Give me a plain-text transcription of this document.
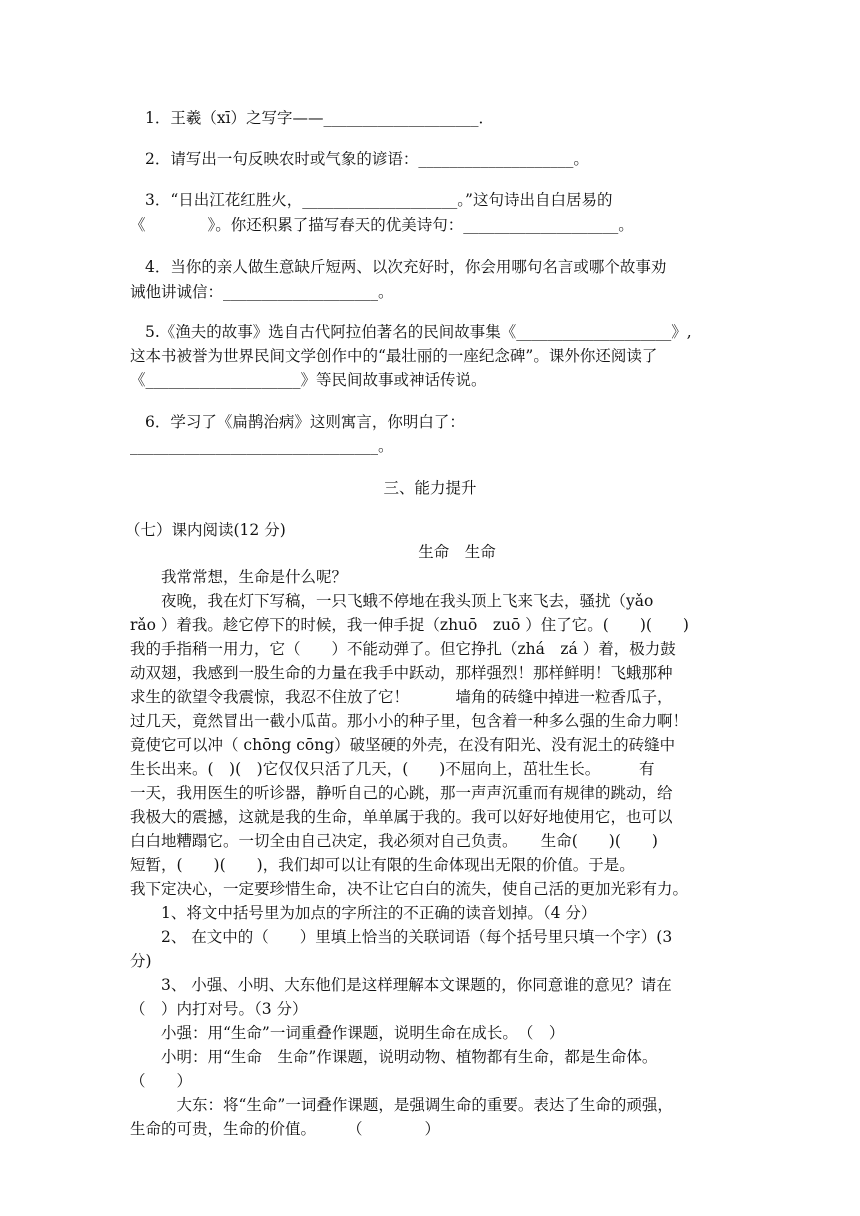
1．王羲（xī）之写字——____________________．
2．请写出一句反映农时或气象的谚语：____________________。
3．“日出江花红胜火，____________________。”这句诗出自白居易的
《　　　　》。你还积累了描写春天的优美诗句：____________________。
4．当你的亲人做生意缺斤短两、以次充好时，你会用哪句名言或哪个故事劝
诫他讲诚信：____________________。
5.《渔夫的故事》选自古代阿拉伯著名的民间故事集《____________________》,
这本书被誉为世界民间文学创作中的“最壮丽的一座纪念碑”。课外你还阅读了
《____________________》等民间故事或神话传说。
6．学习了《扁鹊治病》这则寓言，你明白了：
________________________________。
三、能力提升
（七）课内阅读(12 分)
生命　生命
　　我常常想，生命是什么呢？
　　夜晚，我在灯下写稿，一只飞蛾不停地在我头顶上飞来飞去，骚扰（yǎo
rǎo ）着我。趁它停下的时候，我一伸手捉（zhuō　zuō ）住了它。(　　)(　　)
我的手指稍一用力，它（　　）不能动弹了。但它挣扎（zhá　zá ）着，极力鼓
动双翅，我感到一股生命的力量在我手中跃动，那样强烈！那样鲜明！飞蛾那种
求生的欲望令我震惊，我忍不住放了它！　　　墙角的砖缝中掉进一粒香瓜子，
过几天，竟然冒出一截小瓜苗。那小小的种子里，包含着一种多么强的生命力啊！
竟使它可以冲（ chōng cōng）破坚硬的外壳，在没有阳光、没有泥土的砖缝中
生长出来。(　)(　)它仅仅只活了几天，(　　)不屈向上，茁壮生长。　　　有
一天，我用医生的听诊器，静听自己的心跳，那一声声沉重而有规律的跳动，给
我极大的震撼，这就是我的生命，单单属于我的。我可以好好地使用它，也可以
白白地糟蹋它。一切全由自己决定，我必须对自己负责。　　生命(　　)(　　)
短暂，(　　)(　　)，我们却可以让有限的生命体现出无限的价值。于是。
我下定决心，一定要珍惜生命，决不让它白白的流失，使自己活的更加光彩有力。
　　1、将文中括号里为加点的字所注的不正确的读音划掉。（4 分）
　　2、 在文中的（　　）里填上恰当的关联词语（每个括号里只填一个字）(3
分)
　　3、 小强、小明、大东他们是这样理解本文课题的，你同意谁的意见？请在
（　）内打对号。（3 分）
　　小强：用“生命”一词重叠作课题，说明生命在成长。　（　）
　　小明：用“生命　生命”作课题，说明动物、植物都有生命，都是生命体。
（　　）
　　　大东：将“生命”一词叠作课题，是强调生命的重要。表达了生命的顽强，
生命的可贵，生命的价值。　　　（　　　　）
